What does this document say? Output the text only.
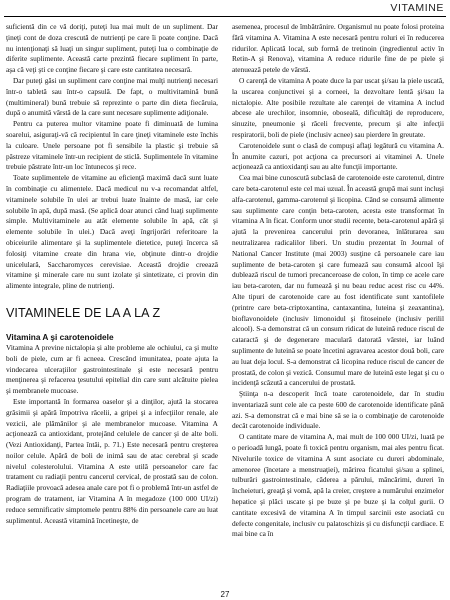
VITAMINE

suficientă din ce vă doriţi, puteţi lua mai mult de un supliment. Dar ţineţi cont de doza crescută de nutrienţi pe care îi poate conţine. Dacă nu intenţionaţi să luaţi un singur supliment, puteţi lua o combinaţie de diferite suplimente. Această carte prezintă fiecare supliment în parte, aşa că veţi şti ce conţine fiecare şi care este cantitatea necesară.

Dar puteţi găsi un supliment care conţine mai mulţi nutrienţi necesari într-o tabletă sau într-o capsulă. De fapt, o multivitamină bună (multimineral) bună trebuie să reprezinte o parte din dieta fiecăruia, după o anumită vârstă de la care sunt necesare suplimente adiţionale.

Pentru ca puterea multor vitamine poate fi diminuată de lumina soarelui, asiguraţi-vă că recipientul în care ţineţi vitaminele este închis la culoare. Unele persoane pot fi sensibile la plastic şi trebuie să păstreze vitaminele într-un recipient de sticlă. Suplimentele în vitamine trebuie păstrate într-un loc întunecos şi rece.

Toate suplimentele de vitamine au eficienţă maximă dacă sunt luate în combinaţie cu alimentele. Dacă medicul nu v-a recomandat altfel, vitaminele solubile în ulei ar trebui luate înainte de masă, iar cele solubile în apă, după masă. (Se aplică doar atunci când luaţi suplimente simple. Multivitaminele au atât elemente solubile în apă, cât şi elemente solubile în ulei.) Dacă aveţi îngrijorări referitoare la obiceiurile alimentare şi la suplimentele dietetice, puteţi încerca să folosiţi vitamine create din hrana vie, obţinute dintr-o drojdie unicelulară, Saccharomyces cerevisiae. Această drojdie creează vitamine şi minerale care nu sunt izolate şi sintetizate, ci provin din alimente integrale, pline de nutrienţi.

VITAMINELE DE LA A LA Z
Vitamina A şi carotenoidele

Vitamina A previne nictalopia şi alte probleme ale ochiului, ca şi multe boli de piele, cum ar fi acneea. Crescând imunitatea, poate ajuta la vindecarea ulceraţiilor gastrointestinale şi este necesară pentru menţinerea şi refacerea ţesutului epitelial din care sunt alcătuite pielea şi membranele mucoase.

Este importantă în formarea oaselor şi a dinţilor, ajută la stocarea grăsimii şi apără împotriva răcelii, a gripei şi a infecţiilor renale, ale vezicii, ale plămânilor şi ale membranelor mucoase. Vitamina A acţionează ca antioxidant, protejând celulele de cancer şi de alte boli. (Vezi Antioxidanţi, Partea întâi, p. 71.) Este necesară pentru creşterea noilor celule. Apără de boli de inimă sau de atac cerebral şi scade nivelul colesterolului. Vitamina A este utilă persoanelor care fac tratament cu radiaţii pentru cancerul cervical, de prostată sau de colon. Radiaţiile provoacă adesea anale care pot fi o problemă într-un astfel de program de tratament, iar Vitamina A în megadoze (100 000 UI/zi) reduce semnificativ simptomele pentru 88% din persoanele care au luat suplimentul. Această vitamină încetineşte, de

asemenea, procesul de îmbătrânire. Organismul nu poate folosi proteina fără vitamina A. Vitamina A este necesară pentru roluri ei în reducerea ridurilor. Aplicată local, sub formă de tretinoin (ingredientul activ în Retin-A şi Renova), vitamina A reduce ridurile fine de pe piele şi atenuează petele de vârstă.

O carenţă de vitamina A poate duce la par uscat şi/sau la piele uscată, la uscarea conjunctivei şi a corneei, la dezvoltare lentă şi/sau la nictalopie. Alte posibile rezultate ale carenţei de vitamina A includ abcese ale urechilor, insomnie, oboseală, dificultăţi de reproducere, sinuzite, pneumonie şi răceli frecvente, precum şi alte infecţii respiratorii, boli de piele (inclusiv acnee) sau pierdere în greutate.

Carotenoidele sunt o clasă de compuşi aflaţi legătură cu vitamina A. În anumite cazuri, pot acţiona ca precursori ai vitaminei A. Unele acţionează ca antioxidanţi sau au alte funcţii importante.

Cea mai bine cunoscută subclasă de carotenoide este carotenul, dintre care beta-carotenul este cel mai uzual. În această grupă mai sunt incluşi alfa-carotenul, gamma-carotenul şi licopina. Când se consumă alimente sau suplimente care conţin beta-caroten, acesta este transformat în vitamina A în ficat. Conform unor studii recente, beta-carotenul apără şi ajută la prevenirea cancerului prin devoranea, înlăturarea sau neutralizarea radicalilor liberi. Un studiu prezentat în Journal of National Cancer Institute (mai 2003) susţine că persoanele care iau suplimente de beta-caroten şi care fumează sau consumă alcool îşi dublează riscul de tumori precanceroase de colon, în timp ce acele care iau beta-caroten, dar nu fumează şi nu beau reduc acest risc cu 44%. Alte tipuri de carotenoide care au fost identificate sunt xantofilele (printre care beta-criptoxantina, cantaxantina, luteina şi zeaxantina), bioflavonoidele (inclusiv limonoidul şi fitoseinele (inclusiv perilil alcool). S-a demonstrat că un consum ridicat de luteină reduce riscul de cataractă şi de degenerare maculară datorată vârstei, iar luând suplimente de luteină se poate încetini agravarea acestor două boli, care au luat deja locul. S-a demonstrat că licopina reduce riscul de cancer de prostată, de colon şi vezică. Consumul mare de luteină este legat şi cu o incidenţă scăzută a cancerului de prostată.

Ştiinţa n-a descoperit încă toate carotenoidele, dar în studiu inventariază sunt cele ale ca peste 600 de carotenoide identificate până azi. S-a demonstrat că e mai bine să se ia o combinaţie de carotenoide decât carotenoide individuale.

O cantitate mare de vitamina A, mai mult de 100 000 UI/zi, luată pe o perioadă lungă, poate fi toxică pentru organism, mai ales pentru ficat. Nivelurile toxice de vitamina A sunt asociate cu dureri abdominale, amenoree (încetare a menstruaţiei), mărirea ficatului şi/sau a splinei, tulburări gastrointestinale, căderea a părului, mâncărimi, dureri în încheieturi, greaţă şi vomă, apă la creier, creştere a numărului enzimelor hepatice şi plăci uscate şi pe buze şi pe buze şi la colţul gurii. O cantitate excesivă de vitamina A în timpul sarcinii este asociată cu defecte congenitale, inclusiv cu palatoschizis şi cu disfuncţii cardiace. E mai bine ca în

27
